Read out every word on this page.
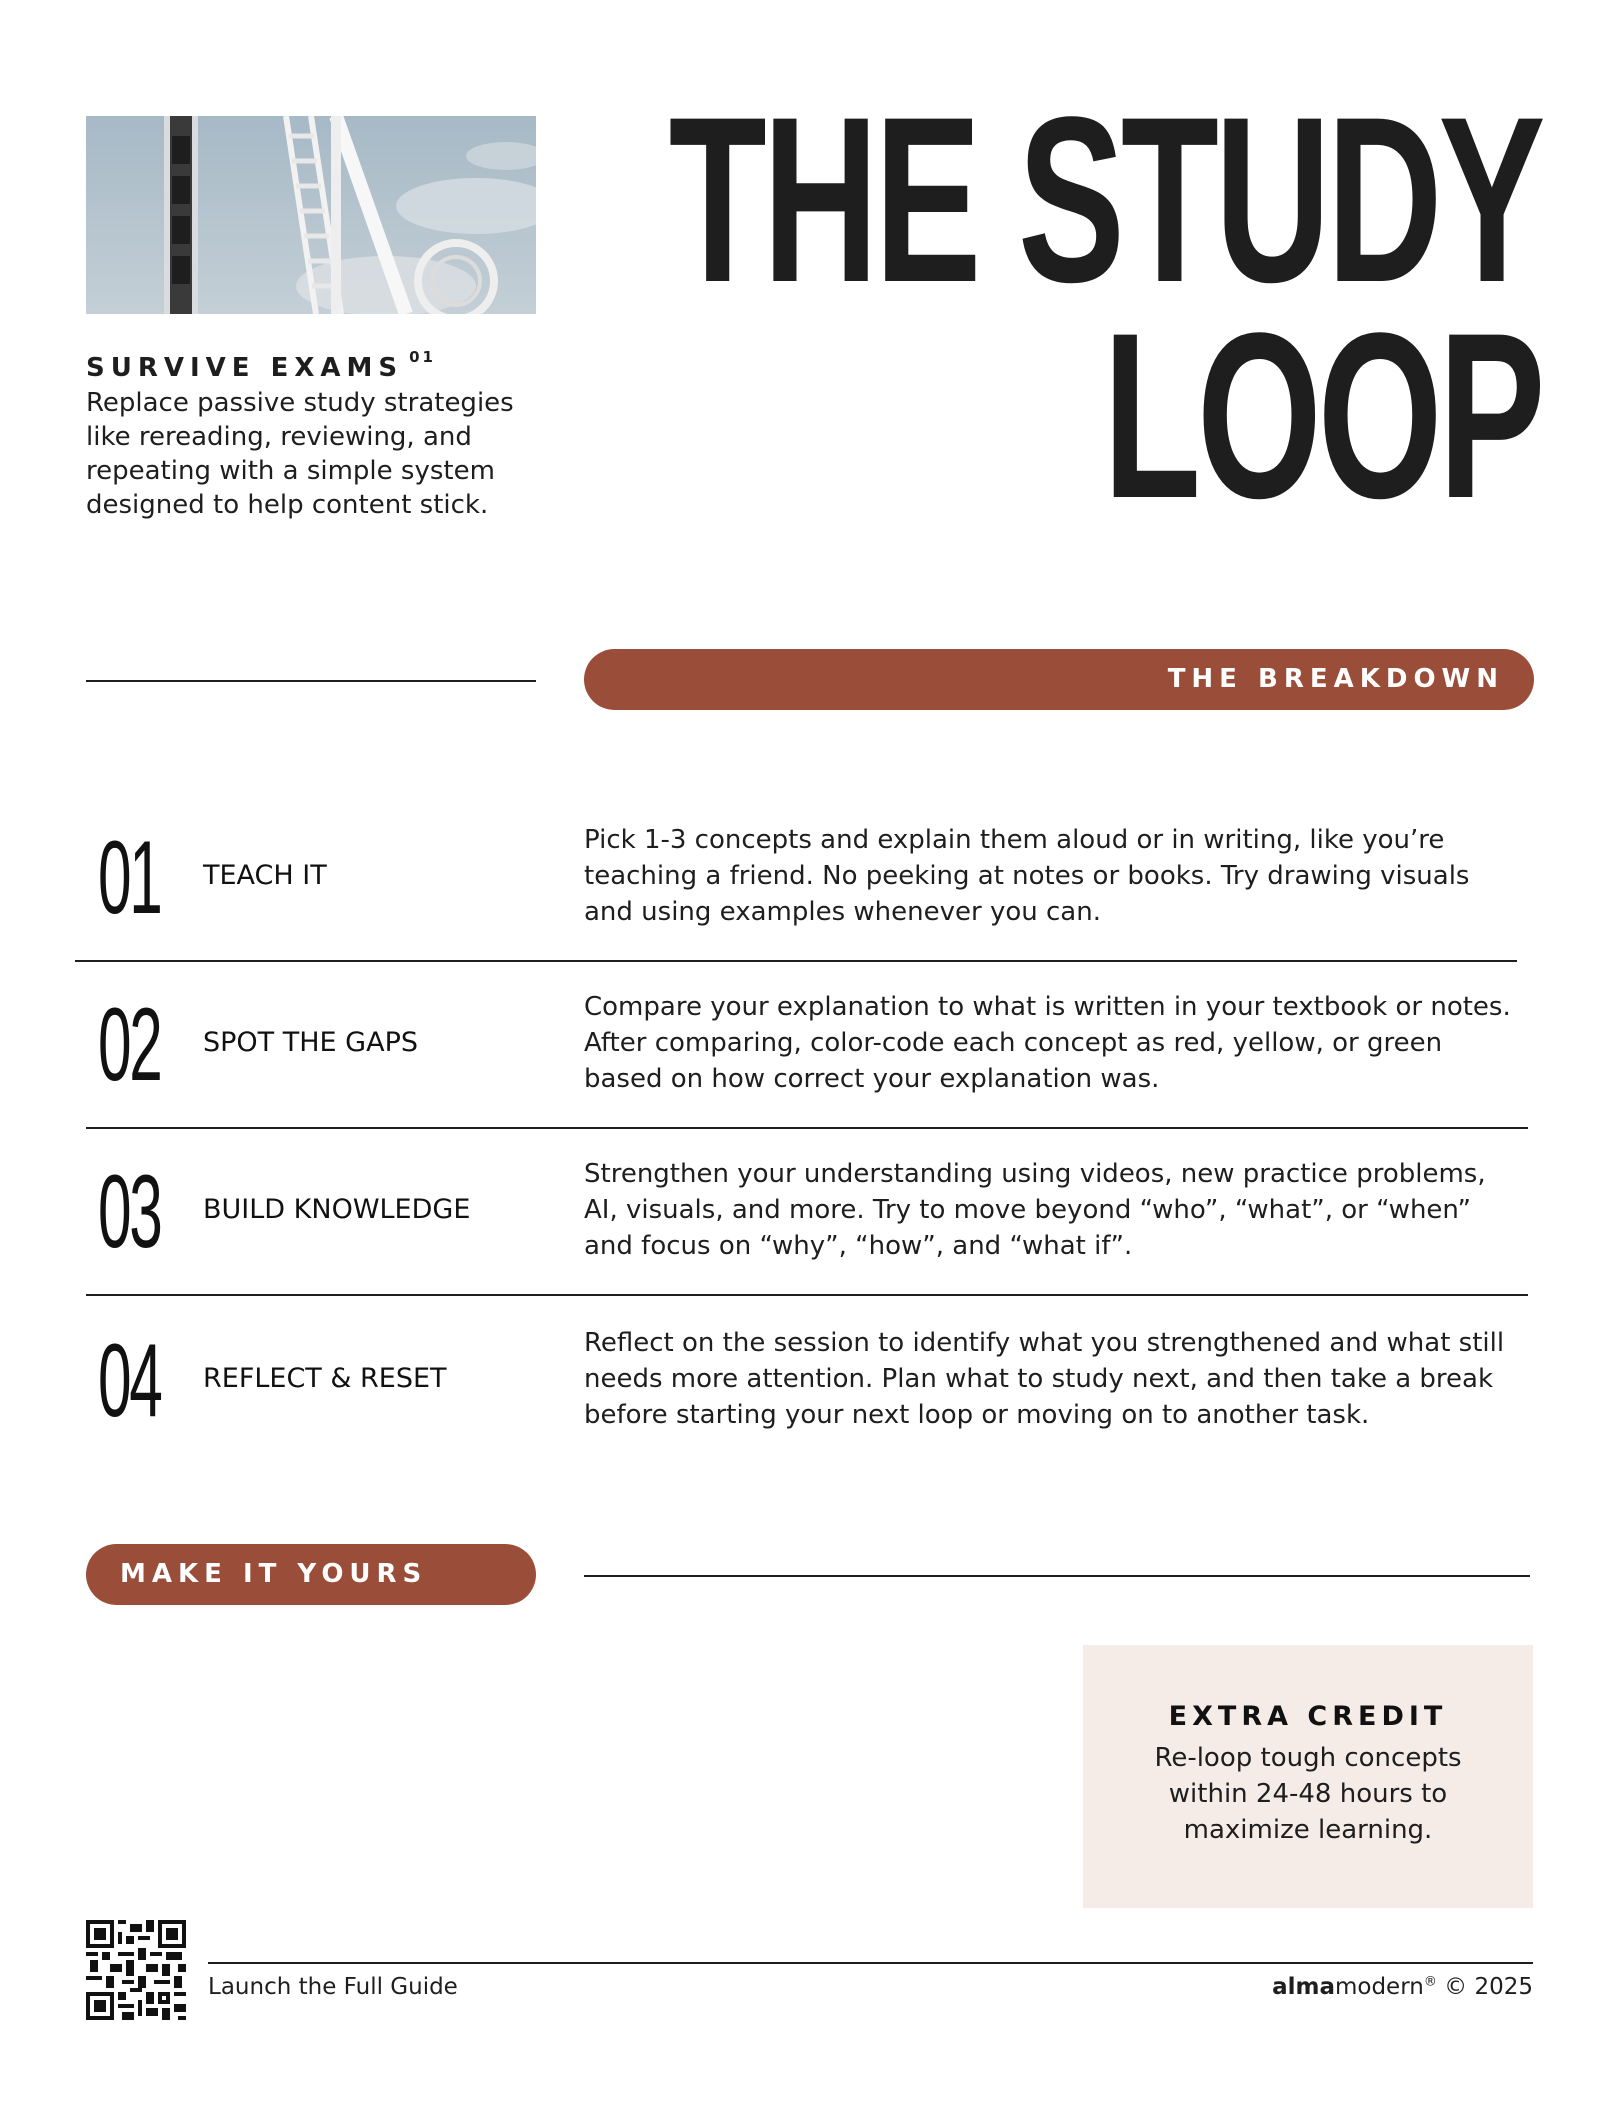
SURVIVE EXAMS $^{01}$
Replace passive study strategies like rereading, reviewing, and repeating with a simple system designed to help content stick.
THE STUDY
LOOP
THE BREAKDOWN
01 TEACH IT
Pick 1-3 concepts and explain them aloud or in writing, like you’re teaching a friend. No peeking at notes or books. Try drawing visuals and using examples whenever you can.
02 SPOT THE GAPS
Compare your explanation to what is written in your textbook or notes. After comparing, color-code each concept as red, yellow, or green based on how correct your explanation was.
03 BUILD KNOWLEDGE
Strengthen your understanding using videos, new practice problems, AI, visuals, and more. Try to move beyond “who”, “what”, or “when” and focus on “why”, “how”, and “what if”.
04 REFLECT & RESET
Reflect on the session to identify what you strengthened and what still needs more attention. Plan what to study next, and then take a break before starting your next loop or moving on to another task.
MAKE IT YOURS
EXTRA CREDIT
Re-loop tough concepts within 24-48 hours to maximize learning.
Launch the Full Guide	almamodern® © 2025
